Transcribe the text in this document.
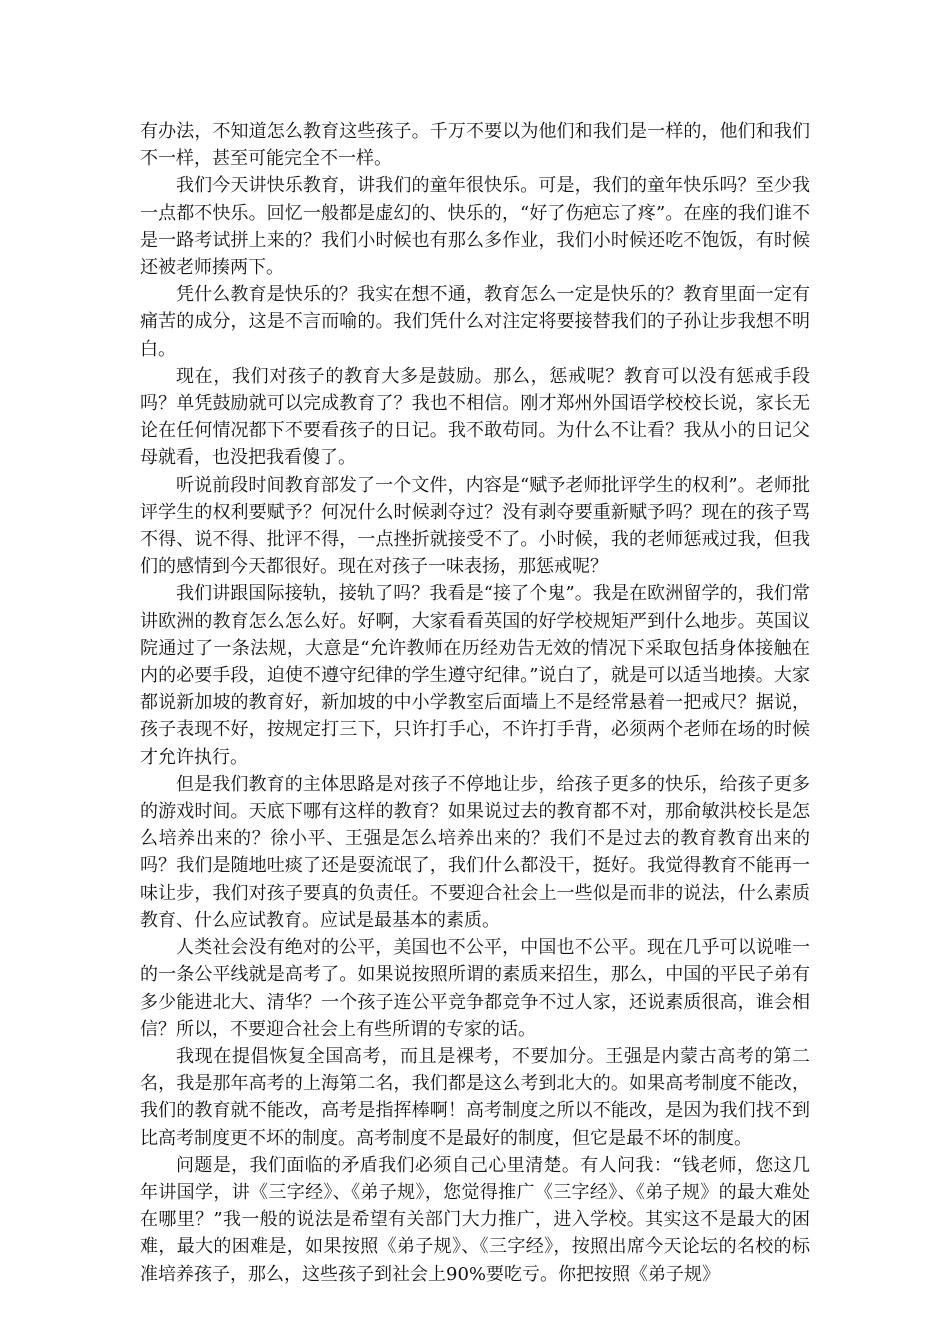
有办法，不知道怎么教育这些孩子。千万不要以为他们和我们是一样的，他们和我们不一样，甚至可能完全不一样。

我们今天讲快乐教育，讲我们的童年很快乐。可是，我们的童年快乐吗？至少我一点都不快乐。回忆一般都是虚幻的、快乐的，“好了伤疤忘了疼”。在座的我们谁不是一路考试拼上来的？我们小时候也有那么多作业，我们小时候还吃不饱饭，有时候还被老师揍两下。

凭什么教育是快乐的？我实在想不通，教育怎么一定是快乐的？教育里面一定有痛苦的成分，这是不言而喻的。我们凭什么对注定将要接替我们的子孙让步我想不明白。

现在，我们对孩子的教育大多是鼓励。那么，惩戒呢？教育可以没有惩戒手段吗？单凭鼓励就可以完成教育了？我也不相信。刚才郑州外国语学校校长说，家长无论在任何情况都下不要看孩子的日记。我不敢苟同。为什么不让看？我从小的日记父母就看，也没把我看傻了。

听说前段时间教育部发了一个文件，内容是“赋予老师批评学生的权利”。老师批评学生的权利要赋予？何况什么时候剥夺过？没有剥夺要重新赋予吗？现在的孩子骂不得、说不得、批评不得，一点挫折就接受不了。小时候，我的老师惩戒过我，但我们的感情到今天都很好。现在对孩子一味表扬，那惩戒呢？

我们讲跟国际接轨，接轨了吗？我看是“接了个鬼”。我是在欧洲留学的，我们常讲欧洲的教育怎么怎么好。好啊，大家看看英国的好学校规矩严到什么地步。英国议院通过了一条法规，大意是“允许教师在历经劝告无效的情况下采取包括身体接触在内的必要手段，迫使不遵守纪律的学生遵守纪律。”说白了，就是可以适当地揍。大家都说新加坡的教育好，新加坡的中小学教室后面墙上不是经常悬着一把戒尺？据说，孩子表现不好，按规定打三下，只许打手心，不许打手背，必须两个老师在场的时候才允许执行。

但是我们教育的主体思路是对孩子不停地让步，给孩子更多的快乐，给孩子更多的游戏时间。天底下哪有这样的教育？如果说过去的教育都不对，那俞敏洪校长是怎么培养出来的？徐小平、王强是怎么培养出来的？我们不是过去的教育教育出来的吗？我们是随地吐痰了还是耍流氓了，我们什么都没干，挺好。我觉得教育不能再一味让步，我们对孩子要真的负责任。不要迎合社会上一些似是而非的说法，什么素质教育、什么应试教育。应试是最基本的素质。

人类社会没有绝对的公平，美国也不公平，中国也不公平。现在几乎可以说唯一的一条公平线就是高考了。如果说按照所谓的素质来招生，那么，中国的平民子弟有多少能进北大、清华？一个孩子连公平竞争都竞争不过人家，还说素质很高，谁会相信？所以，不要迎合社会上有些所谓的专家的话。

我现在提倡恢复全国高考，而且是裸考，不要加分。王强是内蒙古高考的第二名，我是那年高考的上海第二名，我们都是这么考到北大的。如果高考制度不能改，我们的教育就不能改，高考是指挥棒啊！高考制度之所以不能改，是因为我们找不到比高考制度更不坏的制度。高考制度不是最好的制度，但它是最不坏的制度。

问题是，我们面临的矛盾我们必须自己心里清楚。有人问我：“钱老师，您这几年讲国学，讲《三字经》、《弟子规》，您觉得推广《三字经》、《弟子规》的最大难处在哪里？”我一般的说法是希望有关部门大力推广，进入学校。其实这不是最大的困难，最大的困难是，如果按照《弟子规》、《三字经》，按照出席今天论坛的名校的标准培养孩子，那么，这些孩子到社会上90%要吃亏。你把按照《弟子规》
